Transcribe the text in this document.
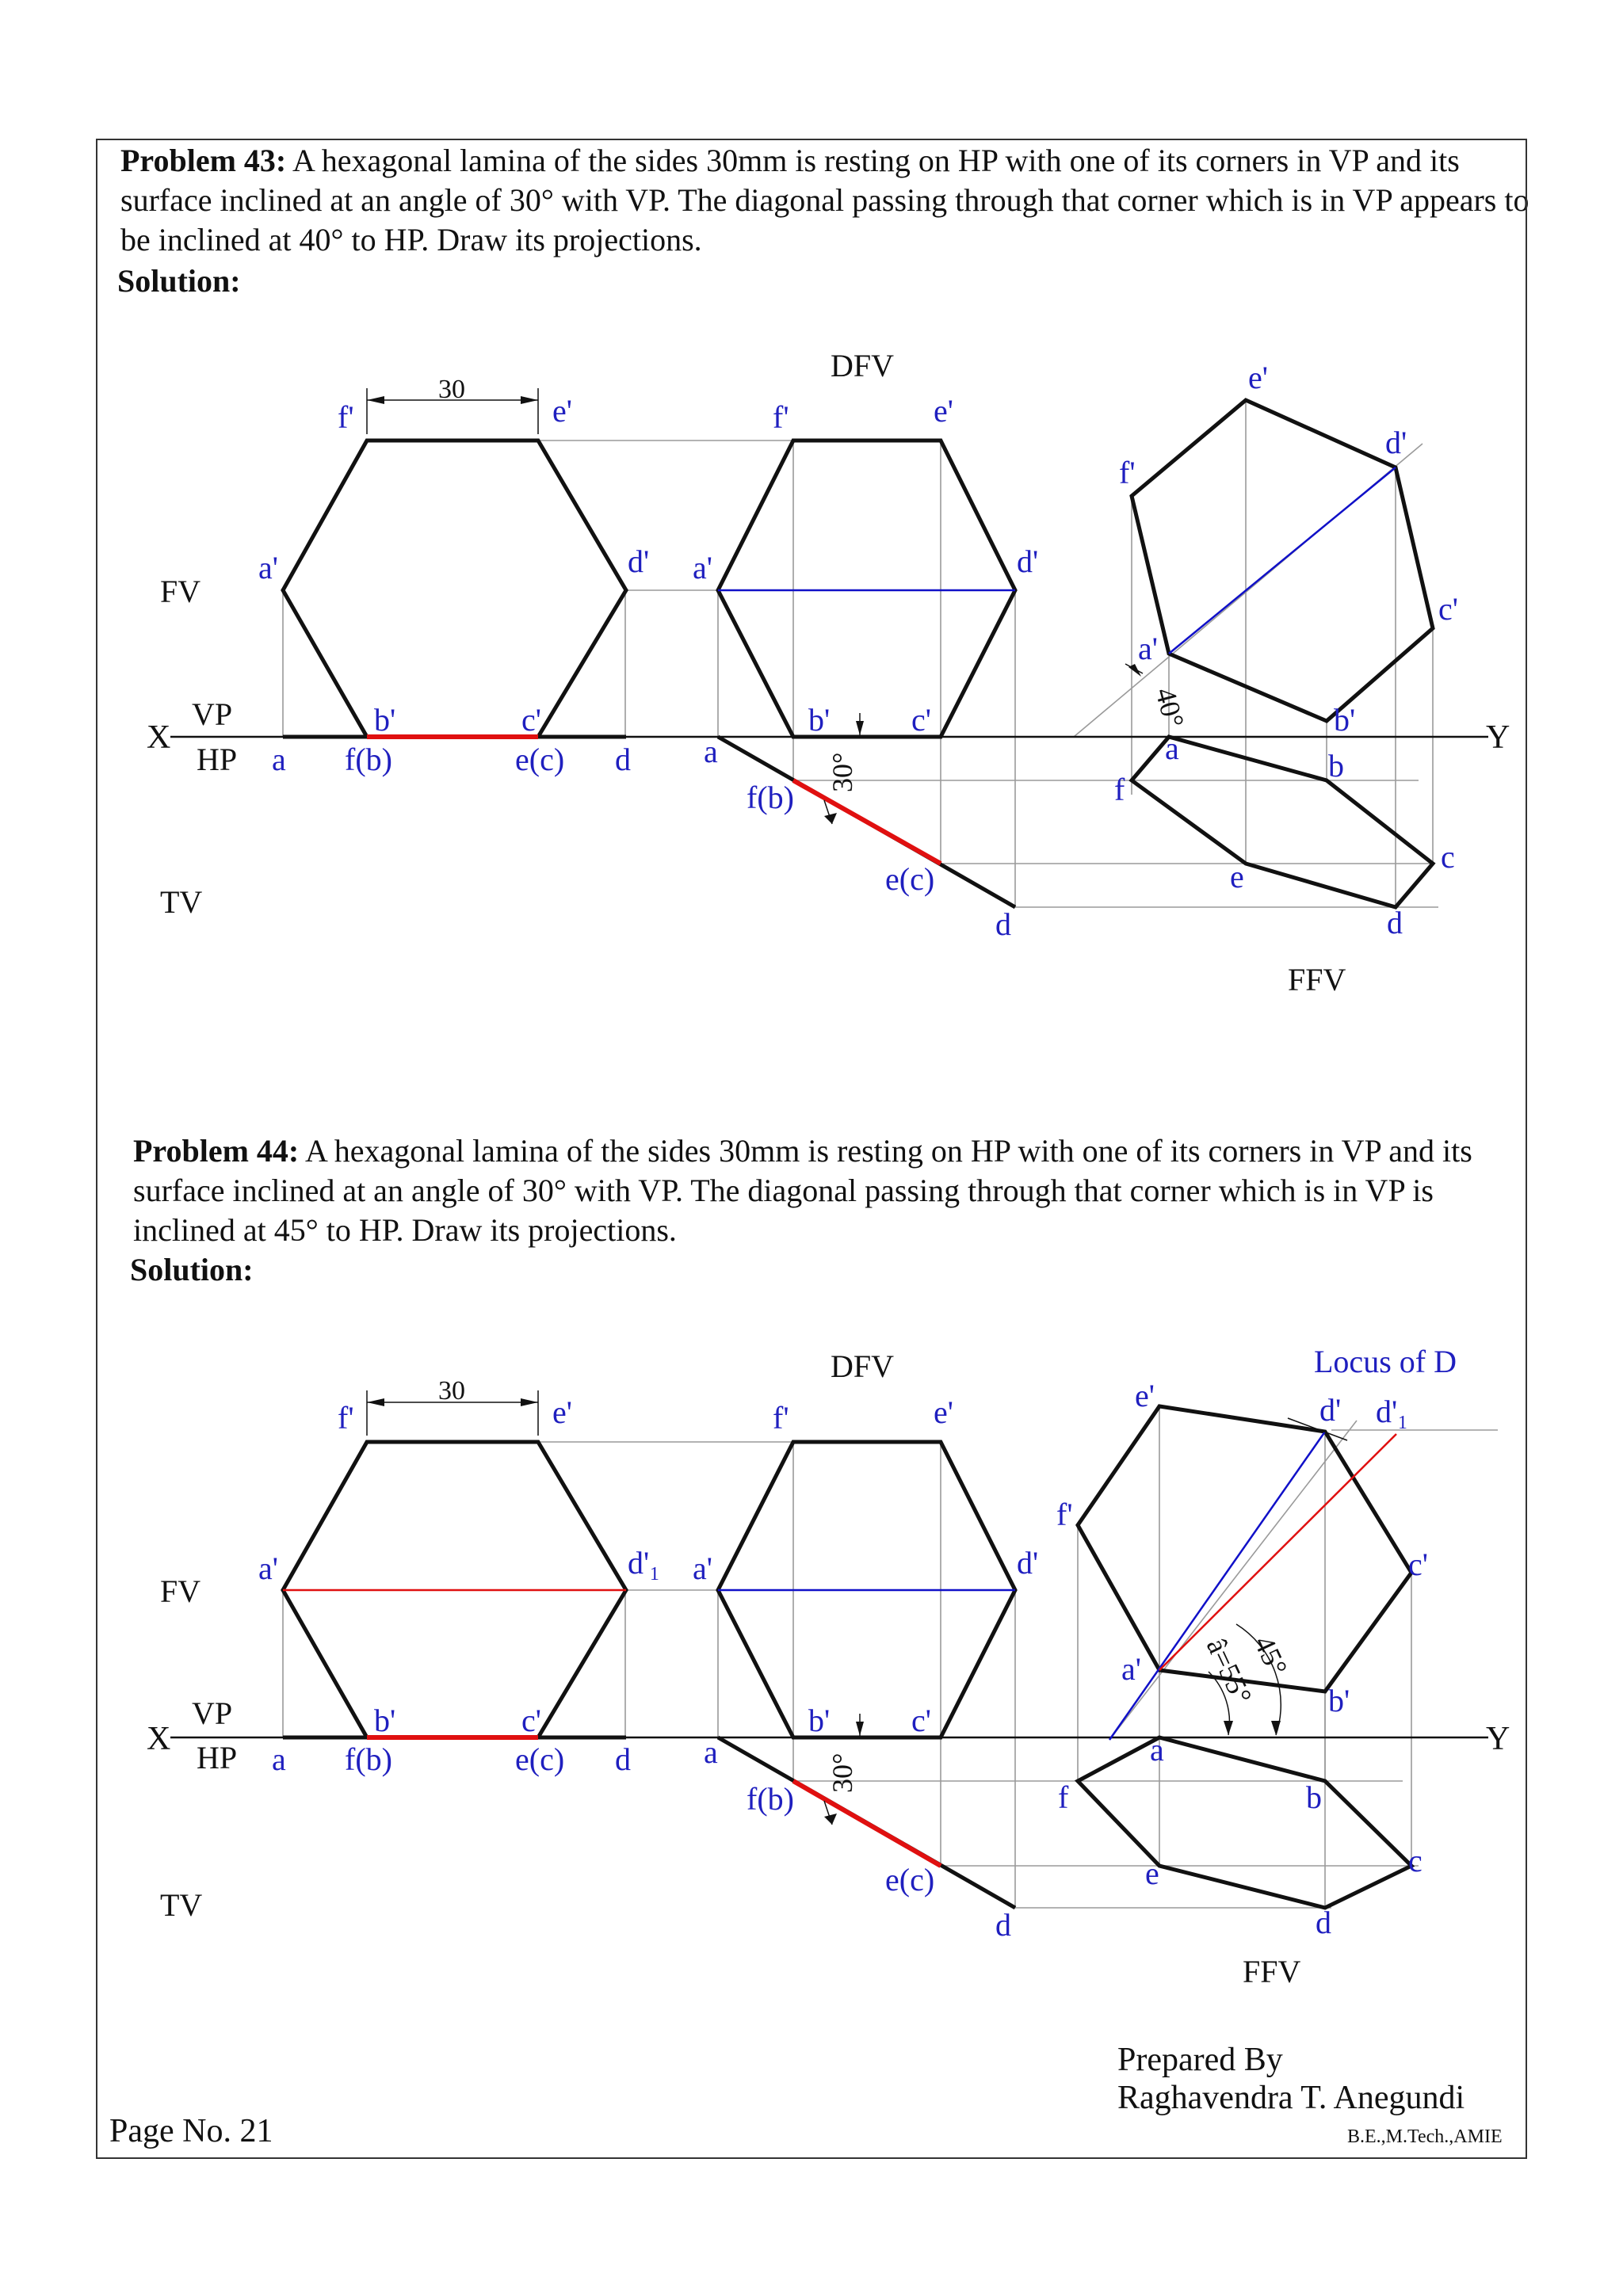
Problem 43: A hexagonal lamina of the sides 30mm is resting on HP with one of its corners in VP and its surface inclined at an angle of 30° with VP. The diagonal passing through that corner which is in VP appears to be inclined at 40° to HP. Draw its projections.
Solution:
Problem 44: A hexagonal lamina of the sides 30mm is resting on HP with one of its corners in VP and its surface inclined at an angle of 30° with VP. The diagonal passing through that corner which is in VP is inclined at 45° to HP. Draw its projections.
Solution:
Page No. 21
Prepared By
Raghavendra T. Anegundi
B.E.,M.Tech.,AMIE
30
DFV
FFV
FV
TV
X	Y
VP
HP	30°
40°
f'	e'
a'	d'
b'	c'
a f(b)	e(c) d
f'	e'
a'	d'
b'	c'
a
f(b)
e(c)
d
e'
d'
f'
c'
a'
b'
a	b
f
c
e
d
30
DFV
FFV
FV
TV
X	Y
VP
HP	30°
45°
â=55°
Locus of D
f'	e'
a'	d'₁
b'	c'
a f(b)	e(c) d
f'	e'
a'	d'
b'	c'
a
f(b)
e(c)
d
e'	d' d'₁
f'
c'
a'
b'
a
b
f
c
e
d
